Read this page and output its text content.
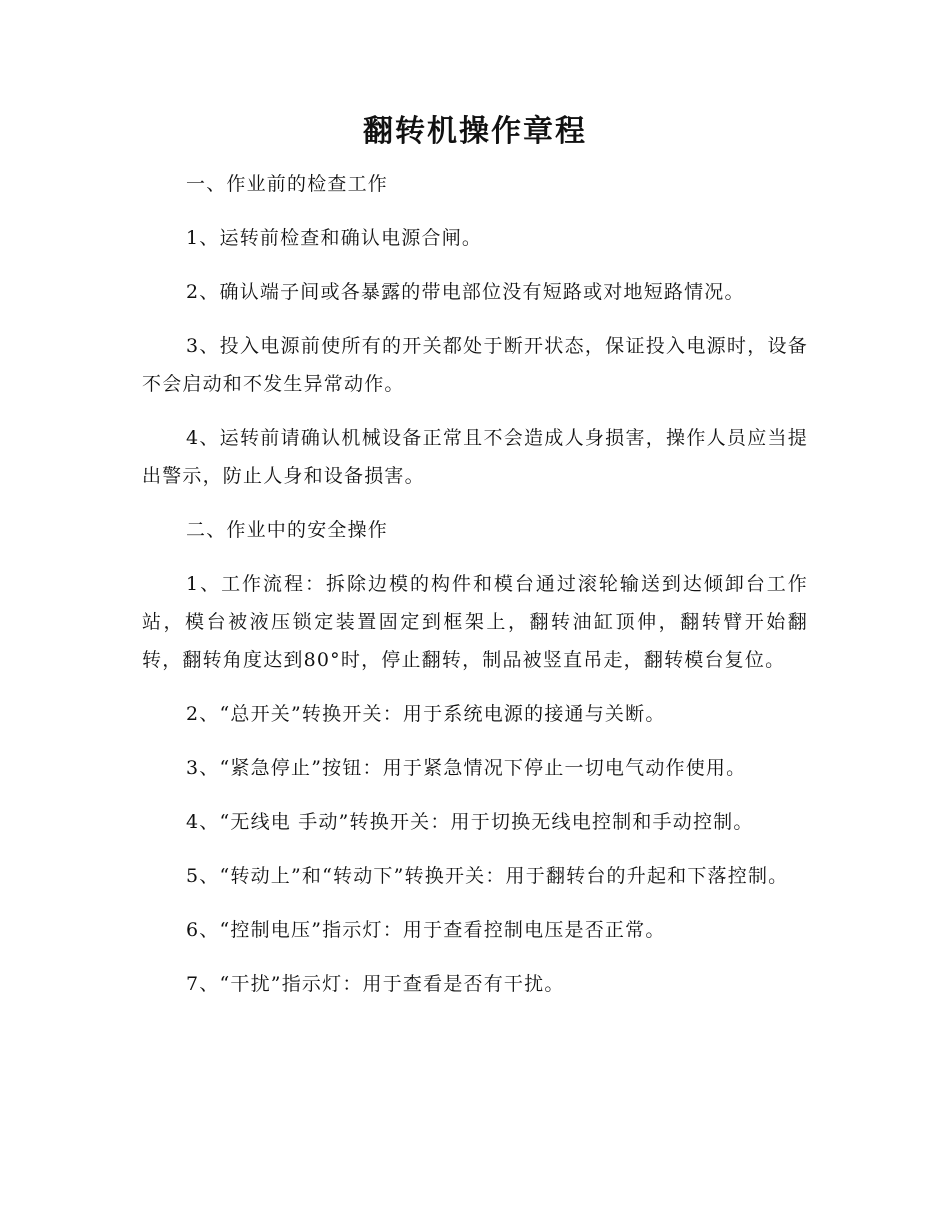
翻转机操作章程

一、作业前的检查工作

1、运转前检查和确认电源合闸。

2、确认端子间或各暴露的带电部位没有短路或对地短路情况。

3、投入电源前使所有的开关都处于断开状态，保证投入电源时，设备不会启动和不发生异常动作。

4、运转前请确认机械设备正常且不会造成人身损害，操作人员应当提出警示，防止人身和设备损害。

二、作业中的安全操作

1、工作流程：拆除边模的构件和模台通过滚轮输送到达倾卸台工作站，模台被液压锁定装置固定到框架上，翻转油缸顶伸，翻转臂开始翻转，翻转角度达到80°时，停止翻转，制品被竖直吊走，翻转模台复位。

2、“总开关”转换开关：用于系统电源的接通与关断。

3、“紧急停止”按钮：用于紧急情况下停止一切电气动作使用。

4、“无线电 手动”转换开关：用于切换无线电控制和手动控制。

5、“转动上”和“转动下”转换开关：用于翻转台的升起和下落控制。

6、“控制电压”指示灯：用于查看控制电压是否正常。

7、“干扰”指示灯：用于查看是否有干扰。
